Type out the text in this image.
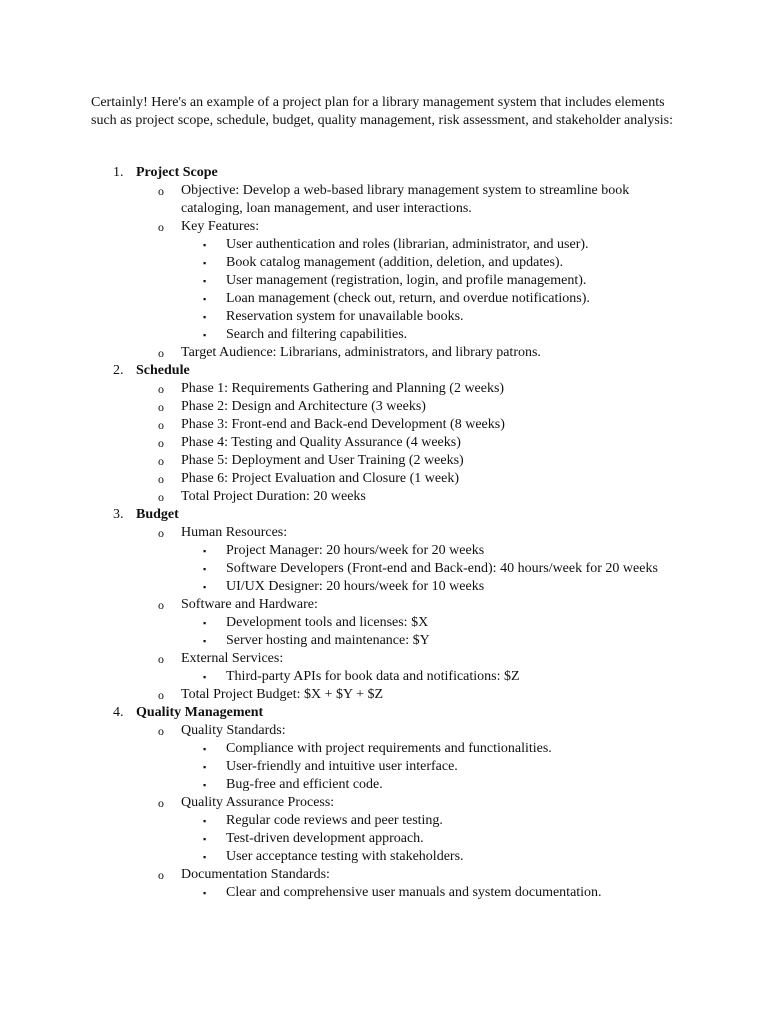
Certainly! Here's an example of a project plan for a library management system that includes elements such as project scope, schedule, budget, quality management, risk assessment, and stakeholder analysis:

1. Project Scope
o Objective: Develop a web-based library management system to streamline book cataloging, loan management, and user interactions.
o Key Features:
▪ User authentication and roles (librarian, administrator, and user).
▪ Book catalog management (addition, deletion, and updates).
▪ User management (registration, login, and profile management).
▪ Loan management (check out, return, and overdue notifications).
▪ Reservation system for unavailable books.
▪ Search and filtering capabilities.
o Target Audience: Librarians, administrators, and library patrons.
2. Schedule
o Phase 1: Requirements Gathering and Planning (2 weeks)
o Phase 2: Design and Architecture (3 weeks)
o Phase 3: Front-end and Back-end Development (8 weeks)
o Phase 4: Testing and Quality Assurance (4 weeks)
o Phase 5: Deployment and User Training (2 weeks)
o Phase 6: Project Evaluation and Closure (1 week)
o Total Project Duration: 20 weeks
3. Budget
o Human Resources:
▪ Project Manager: 20 hours/week for 20 weeks
▪ Software Developers (Front-end and Back-end): 40 hours/week for 20 weeks
▪ UI/UX Designer: 20 hours/week for 10 weeks
o Software and Hardware:
▪ Development tools and licenses: $X
▪ Server hosting and maintenance: $Y
o External Services:
▪ Third-party APIs for book data and notifications: $Z
o Total Project Budget: $X + $Y + $Z
4. Quality Management
o Quality Standards:
▪ Compliance with project requirements and functionalities.
▪ User-friendly and intuitive user interface.
▪ Bug-free and efficient code.
o Quality Assurance Process:
▪ Regular code reviews and peer testing.
▪ Test-driven development approach.
▪ User acceptance testing with stakeholders.
o Documentation Standards:
▪ Clear and comprehensive user manuals and system documentation.
